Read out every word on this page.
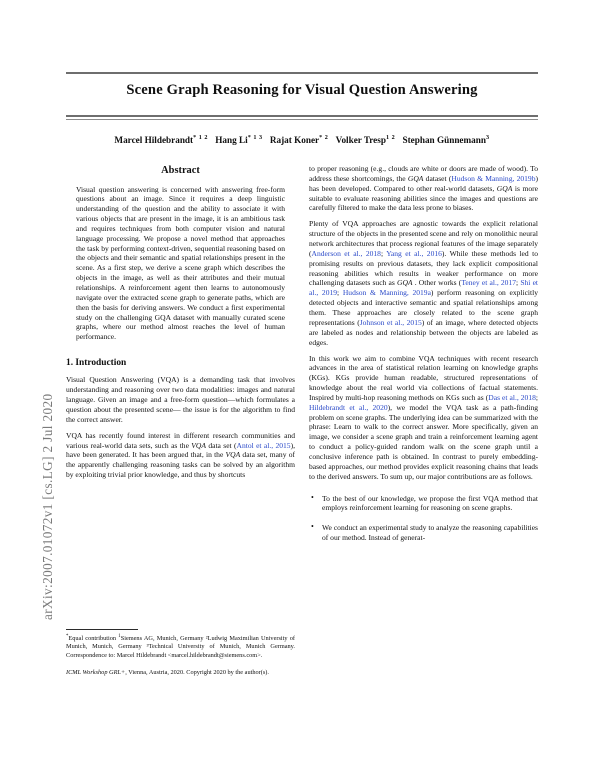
arXiv:2007.01072v1 [cs.LG] 2 Jul 2020
Scene Graph Reasoning for Visual Question Answering
Marcel Hildebrandt$^{* 1 2}$ Hang $Li^{* 1 3}$ Rajat Koner$^{* 2}$ Volker Tresp$^{1 2}$ Stephan Günnemann$^3$
Abstract

Visual question answering is concerned with answering free-form questions about an image. Since it requires a deep linguistic understanding of the question and the ability to associate it with various objects that are present in the image, it is an ambitious task and requires techniques from both computer vision and natural language processing. We propose a novel method that approaches the task by performing context-driven, sequential reasoning based on the objects and their semantic and spatial relationships present in the scene. As a first step, we derive a scene graph which describes the objects in the image, as well as their attributes and their mutual relationships. A reinforcement agent then learns to autonomously navigate over the extracted scene graph to generate paths, which are then the basis for deriving answers. We conduct a first experimental study on the challenging GQA dataset with manually curated scene graphs, where our method almost reaches the level of human performance.

1. Introduction

Visual Question Answering (VQA) is a demanding task that involves understanding and reasoning over two data modalities: images and natural language. Given an image and a free-form question—which formulates a question about the presented scene— the issue is for the algorithm to find the correct answer.

VQA has recently found interest in different research communities and various real-world data sets, such as the VQA data set (Antol et al., 2015), have been generated. It has been argued that, in the VQA data set, many of the apparently challenging reasoning tasks can be solved by an algorithm by exploiting trivial prior knowledge, and thus by shortcuts

*Equal contribution $^1$Siemens AG, Munich, Germany ²Ludwig Maximilian University of Munich, Munich, Germany ³Technical University of Munich, Munich Germany. Correspondence to: Marcel Hildebrandt <marcel.hildebrandt@siemens.com>.

ICML Workshop GRL+, Vienna, Austria, 2020. Copyright 2020 by the author(s).

to proper reasoning (e.g., clouds are white or doors are made of wood). To address these shortcomings, the GQA dataset (Hudson & Manning, 2019b) has been developed. Compared to other real-world datasets, GQA is more suitable to evaluate reasoning abilities since the images and questions are carefully filtered to make the data less prone to biases.

Plenty of VQA approaches are agnostic towards the explicit relational structure of the objects in the presented scene and rely on monolithic neural network architectures that process regional features of the image separately (Anderson et al., 2018; Yang et al., 2016). While these methods led to promising results on previous datasets, they lack explicit compositional reasoning abilities which results in weaker performance on more challenging datasets such as GQA . Other works (Teney et al., 2017; Shi et al., 2019; Hudson & Manning, 2019a) perform reasoning on explicitly detected objects and interactive semantic and spatial relationships among them. These approaches are closely related to the scene graph representations (Johnson et al., 2015) of an image, where detected objects are labeled as nodes and relationship between the objects are labeled as edges.

In this work we aim to combine VQA techniques with recent research advances in the area of statistical relation learning on knowledge graphs (KGs). KGs provide human readable, structured representations of knowledge about the real world via collections of factual statements. Inspired by multi-hop reasoning methods on KGs such as (Das et al., 2018; Hildebrandt et al., 2020), we model the VQA task as a path-finding problem on scene graphs. The underlying idea can be summarized with the phrase: Learn to walk to the correct answer. More specifically, given an image, we consider a scene graph and train a reinforcement learning agent to conduct a policy-guided random walk on the scene graph until a conclusive inference path is obtained. In contrast to purely embedding-based approaches, our method provides explicit reasoning chains that leads to the derived answers. To sum up, our major contributions are as follows.

• To the best of our knowledge, we propose the first VQA method that employs reinforcement learning for reasoning on scene graphs.
• We conduct an experimental study to analyze the reasoning capabilities of our method. Instead of generat-
